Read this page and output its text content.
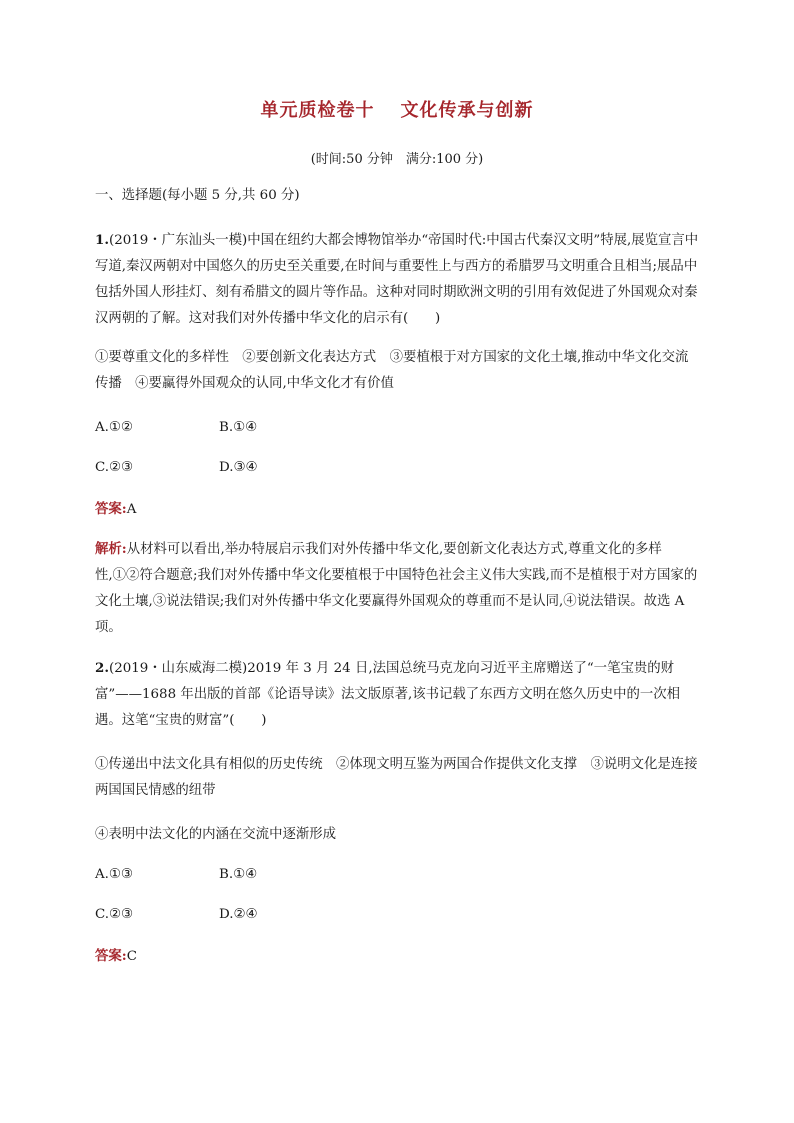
单元质检卷十 文化传承与创新
(时间:50 分钟　满分:100 分)
一、选择题(每小题 5 分,共 60 分)
1.(2019・广东汕头一模)中国在纽约大都会博物馆举办“帝国时代:中国古代秦汉文明”特展,展览宣言中写道,秦汉两朝对中国悠久的历史至关重要,在时间与重要性上与西方的希腊罗马文明重合且相当;展品中包括外国人形挂灯、刻有希腊文的圆片等作品。这种对同时期欧洲文明的引用有效促进了外国观众对秦汉两朝的了解。这对我们对外传播中华文化的启示有(　　)
①要尊重文化的多样性　②要创新文化表达方式　③要植根于对方国家的文化土壤,推动中华文化交流传播　④要赢得外国观众的认同,中华文化才有价值
A.①②	B.①④
C.②③	D.③④
答案:A
解析:从材料可以看出,举办特展启示我们对外传播中华文化,要创新文化表达方式,尊重文化的多样性,①②符合题意;我们对外传播中华文化要植根于中国特色社会主义伟大实践,而不是植根于对方国家的文化土壤,③说法错误;我们对外传播中华文化要赢得外国观众的尊重而不是认同,④说法错误。故选 A 项。
2.(2019・山东威海二模)2019 年 3 月 24 日,法国总统马克龙向习近平主席赠送了“一笔宝贵的财富”——1688 年出版的首部《论语导读》法文版原著,该书记载了东西方文明在悠久历史中的一次相遇。这笔“宝贵的财富”(　　)
①传递出中法文化具有相似的历史传统　②体现文明互鉴为两国合作提供文化支撑　③说明文化是连接两国国民情感的纽带
④表明中法文化的内涵在交流中逐渐形成
A.①③	B.①④
C.②③	D.②④
答案:C
